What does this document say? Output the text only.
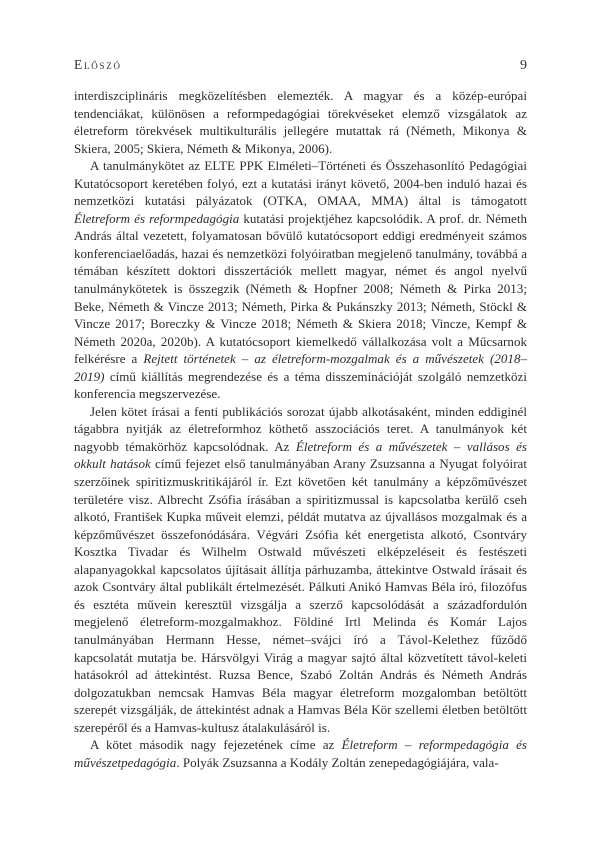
Előszó	9

interdiszciplináris megközelítésben elemezték. A magyar és a közép-európai tendenciákat, különösen a reformpedagógiai törekvéseket elemző vizsgálatok az életreform törekvések multikulturális jellegére mutattak rá (Németh, Mikonya & Skiera, 2005; Skiera, Németh & Mikonya, 2006).

A tanulmánykötet az ELTE PPK Elméleti–Történeti és Összehasonlító Pedagógiai Kutatócsoport keretében folyó, ezt a kutatási irányt követő, 2004-ben induló hazai és nemzetközi kutatási pályázatok (OTKA, OMAA, MMA) által is támogatott Életreform és reformpedagógia kutatási projektjéhez kapcsolódik. A prof. dr. Németh András által vezetett, folyamatosan bővülő kutatócsoport eddigi eredményeit számos konferenciaelőadás, hazai és nemzetközi folyóiratban megjelenő tanulmány, továbbá a témában készített doktori disszertációk mellett magyar, német és angol nyelvű tanulmánykötetek is összegzik (Németh & Hopfner 2008; Németh & Pirka 2013; Beke, Németh & Vincze 2013; Németh, Pirka & Pukánszky 2013; Németh, Stöckl & Vincze 2017; Boreczky & Vincze 2018; Németh & Skiera 2018; Vincze, Kempf & Németh 2020a, 2020b). A kutatócsoport kiemelkedő vállalkozása volt a Műcsarnok felkérésre a Rejtett történetek – az életreform-mozgalmak és a művészetek (2018–2019) című kiállítás megrendezése és a téma disszeminációját szolgáló nemzetközi konferencia megszervezése.

Jelen kötet írásai a fenti publikációs sorozat újabb alkotásaként, minden eddiginél tágabbra nyitják az életreformhoz köthető asszociációs teret. A tanulmányok két nagyobb témakörhöz kapcsolódnak. Az Életreform és a művészetek – vallásos és okkult hatások című fejezet első tanulmányában Arany Zsuzsanna a Nyugat folyóirat szerzőinek spiritizmuskritikájáról ír. Ezt követően két tanulmány a képzőművészet területére visz. Albrecht Zsófia írásában a spiritizmussal is kapcsolatba kerülő cseh alkotó, František Kupka műveit elemzi, példát mutatva az újvallásos mozgalmak és a képzőművészet összefonódására. Végvári Zsófia két energetista alkotó, Csontváry Kosztka Tivadar és Wilhelm Ostwald művészeti elképzeléseit és festészeti alapanyagokkal kapcsolatos újításait állítja párhuzamba, áttekintve Ostwald írásait és azok Csontváry által publikált értelmezését. Pálkuti Anikó Hamvas Béla író, filozófus és esztéta művein keresztül vizsgálja a szerző kapcsolódását a századfordulón megjelenő életreform-mozgalmakhoz. Földiné Irtl Melinda és Komár Lajos tanulmányában Hermann Hesse, német–svájci író a Távol-Kelethez fűződő kapcsolatát mutatja be. Hársvölgyi Virág a magyar sajtó által közvetített távol-keleti hatásokról ad áttekintést. Ruzsa Bence, Szabó Zoltán András és Németh András dolgozatukban nemcsak Hamvas Béla magyar életreform mozgalomban betöltött szerepét vizsgálják, de áttekintést adnak a Hamvas Béla Kör szellemi életben betöltött szerepéről és a Hamvas-kultusz átalakulásáról is.

A kötet második nagy fejezetének címe az Életreform – reformpedagógia és művészetpedagógia. Polyák Zsuzsanna a Kodály Zoltán zenepedagógiájára, vala-
